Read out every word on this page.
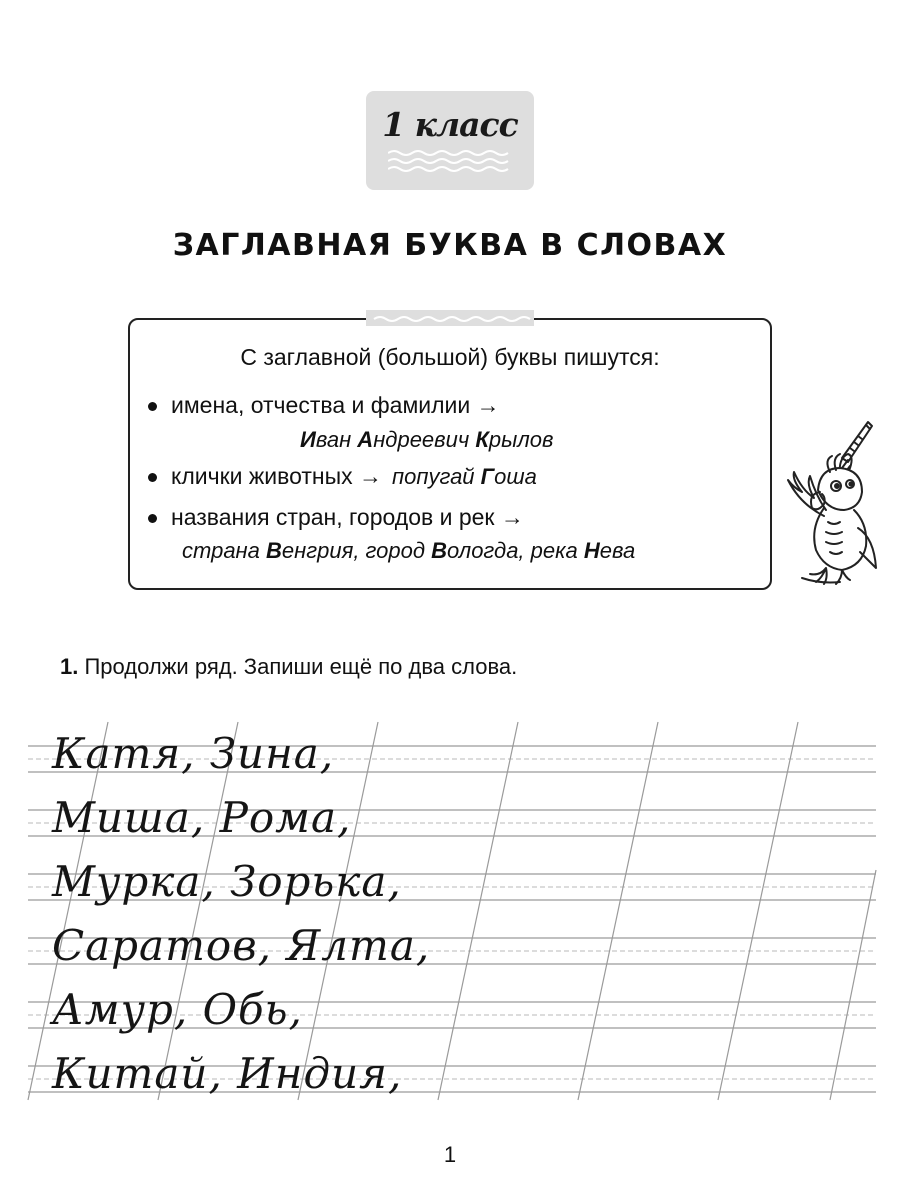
1 класс
ЗАГЛАВНАЯ БУКВА В СЛОВАХ
С заглавной (большой) буквы пишутся:
имена, отчества и фамилии →
Иван Андреевич Крылов
клички животных → попугай Гоша
названия стран, городов и рек →
страна Венгрия, город Вологда, река Нева
1. Продолжи ряд. Запиши ещё по два слова.
Катя, Зина,
Миша, Рома,
Мурка, Зорька,
Саратов, Ялта,
Амур, Обь,
Китай, Индия,
1
